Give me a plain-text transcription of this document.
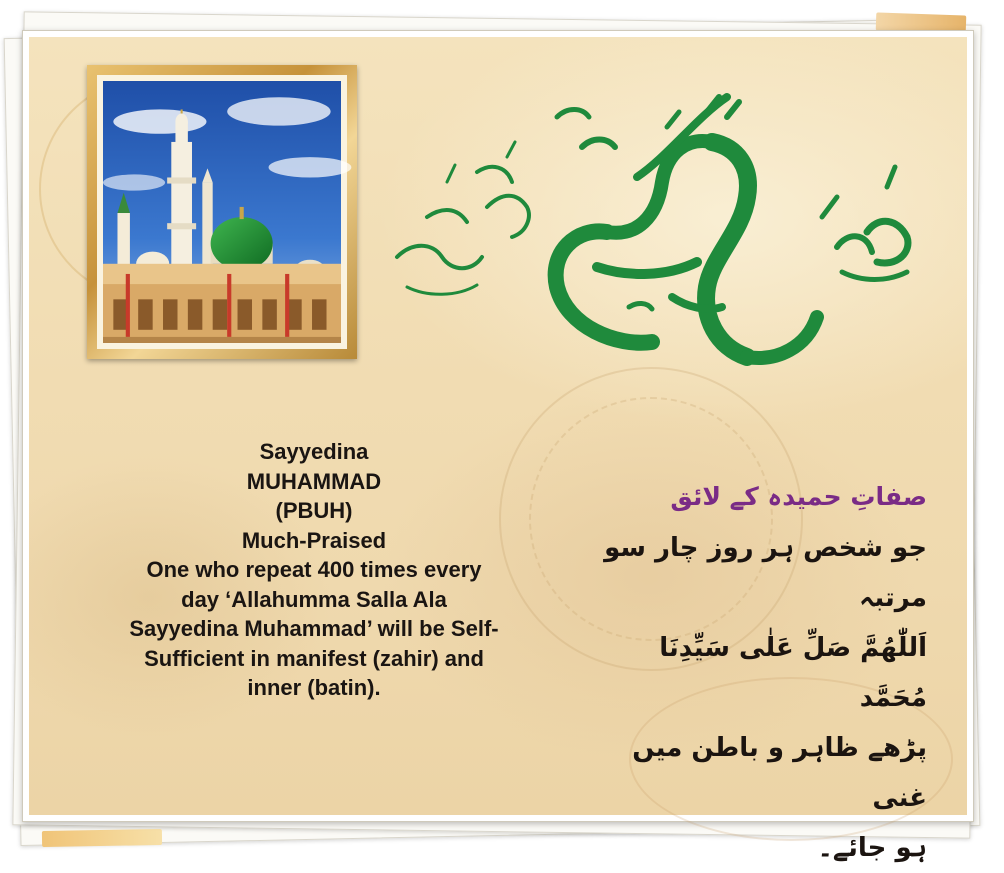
Sayyedina
MUHAMMAD
(PBUH)
Much-Praised
One who repeat 400 times every
day ‘Allahumma Salla Ala
Sayyedina Muhammad’ will be Self-
Sufficient in manifest (zahir) and
inner (batin).
صفاتِ حمیدہ کے لائق
جو شخص ہر روز چار سو مرتبہ
اَللّٰھُمَّ صَلِّ عَلٰی سَیِّدِنَا مُحَمَّد
پڑھے ظاہر و باطن میں غنی
ہو جائے۔
